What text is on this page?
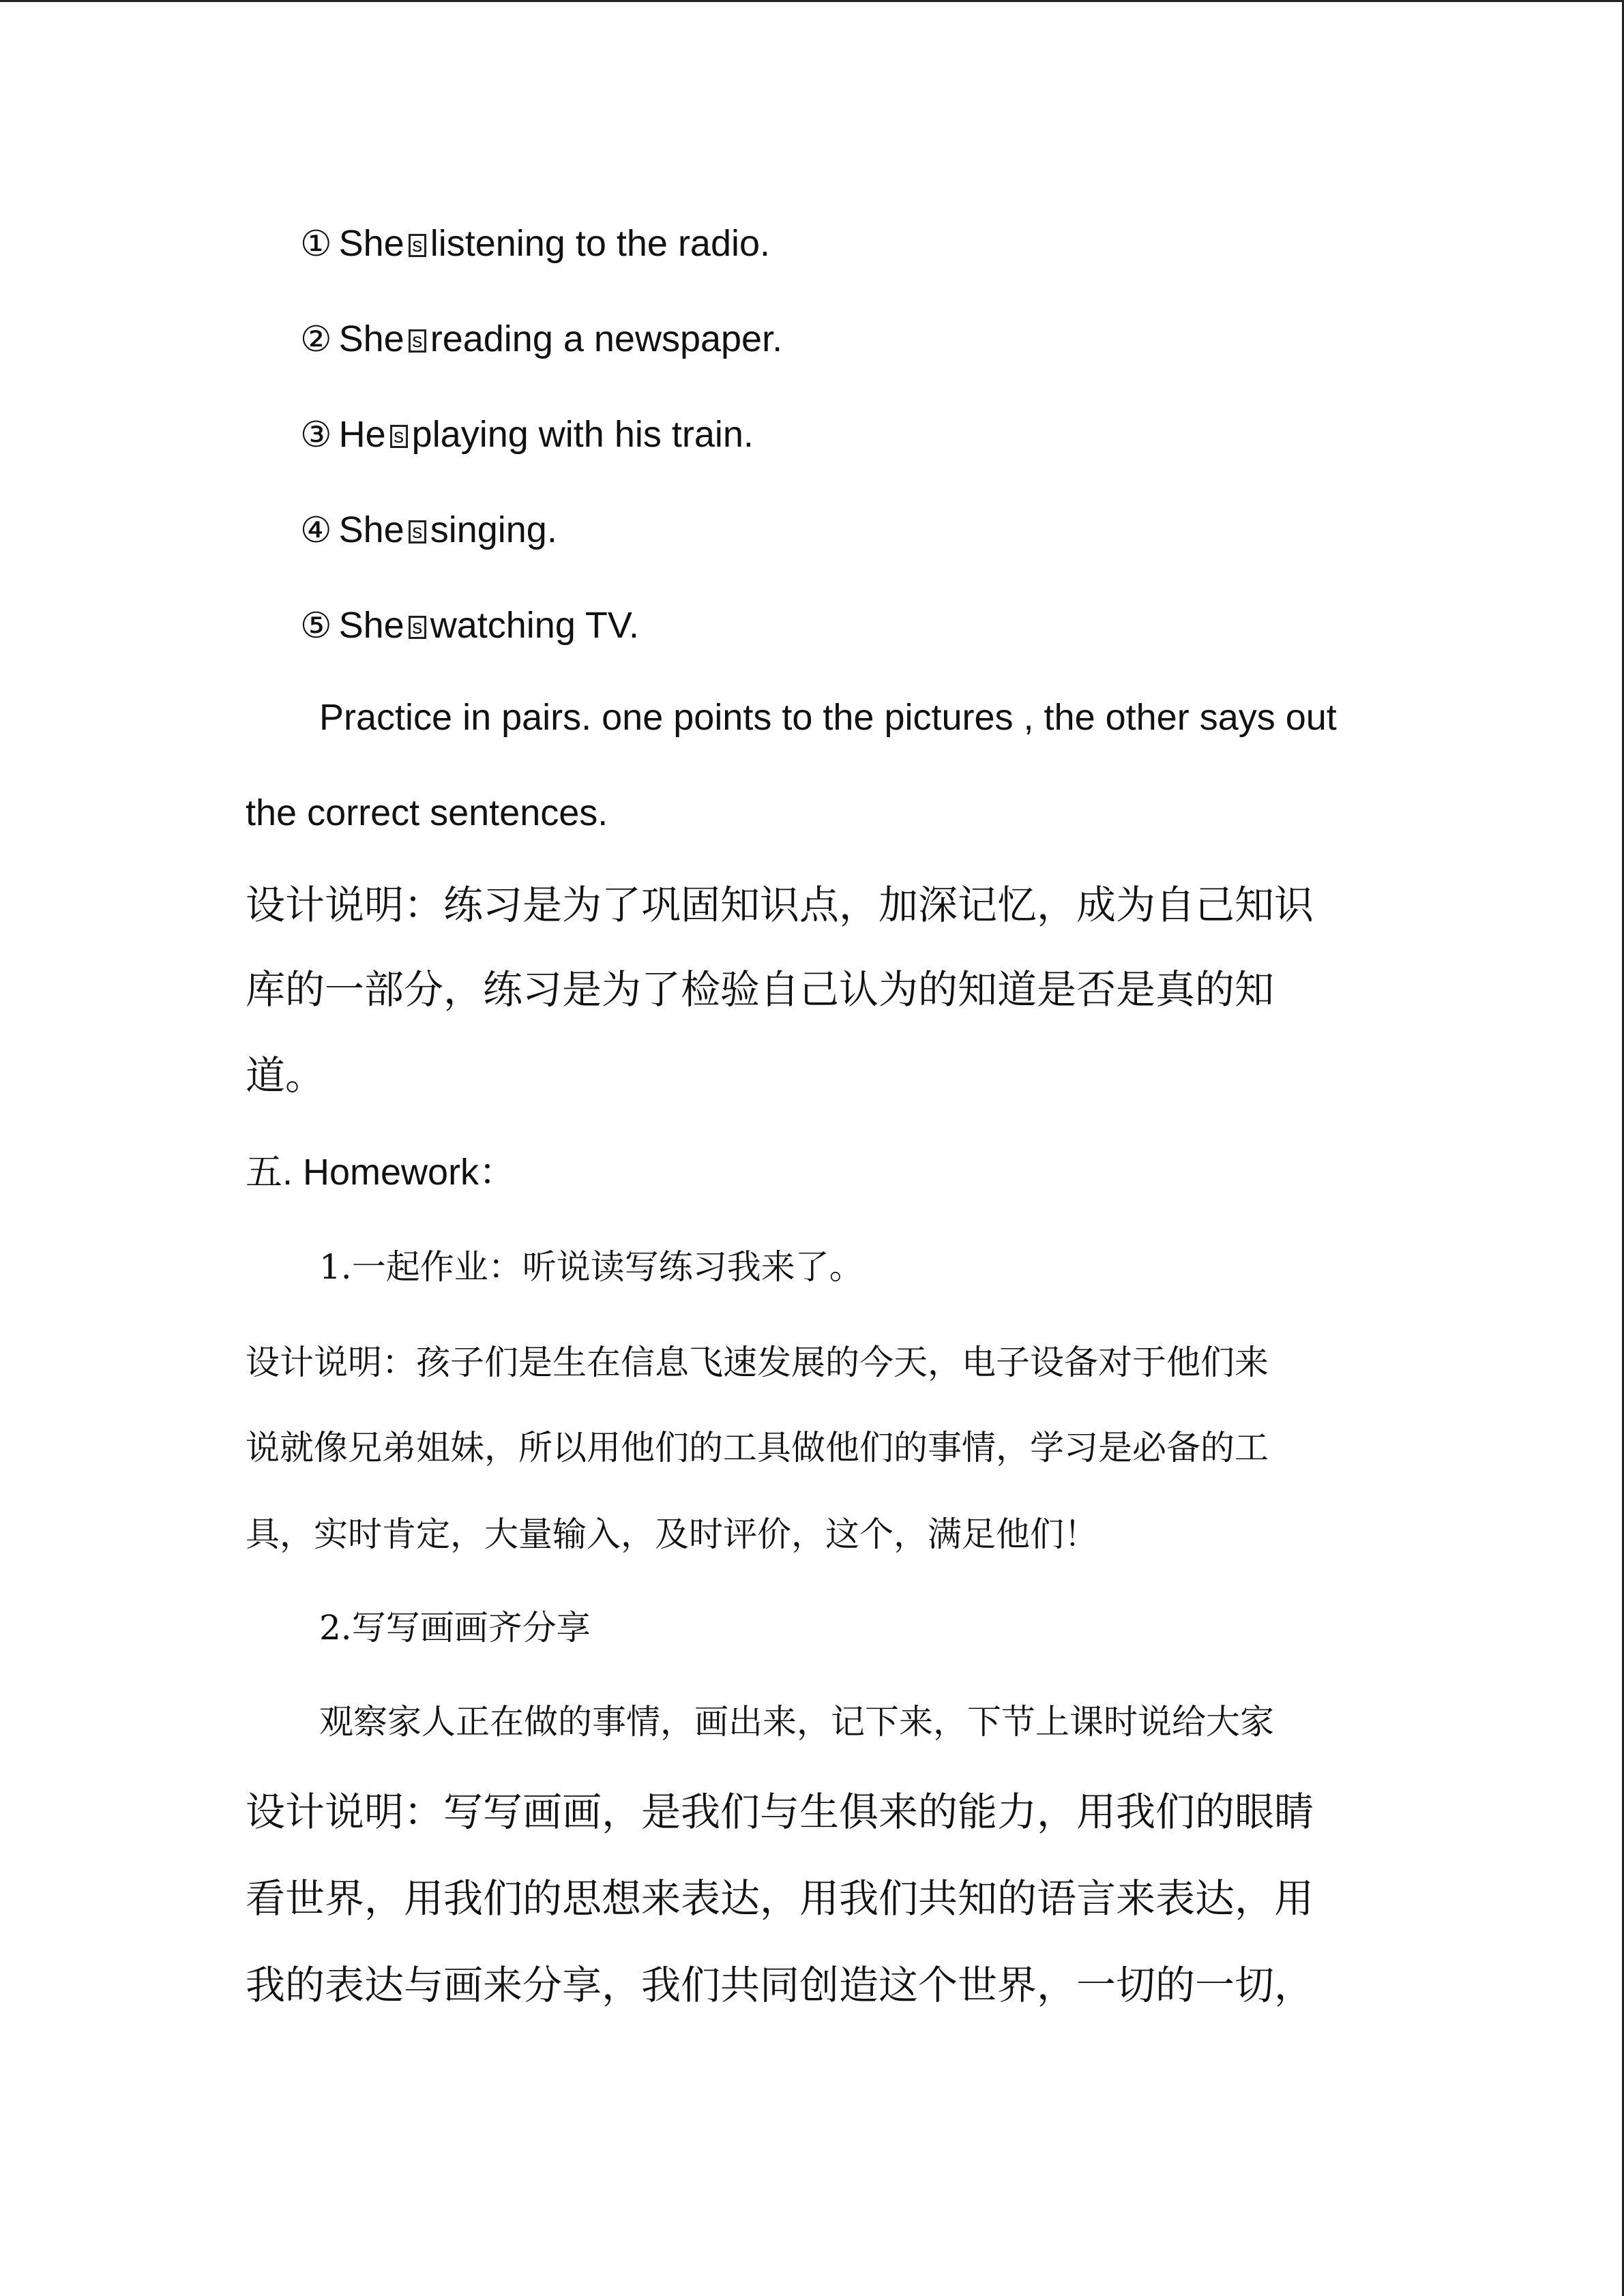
① She s listening to the radio.
② She s reading a newspaper.
③ He s playing with his train.
④ She s singing.
⑤ She s watching TV.
Practice in pairs. one points to the pictures , the other says out
the correct sentences.
设计说明：练习是为了巩固知识点，加深记忆，成为自己知识
库的一部分，练习是为了检验自己认为的知道是否是真的知
道。
五. Homework：
1.一起作业：听说读写练习我来了。
设计说明：孩子们是生在信息飞速发展的今天，电子设备对于他们来
说就像兄弟姐妹，所以用他们的工具做他们的事情，学习是必备的工
具，实时肯定，大量输入，及时评价，这个，满足他们！
2.写写画画齐分享
观察家人正在做的事情，画出来，记下来，下节上课时说给大家
设计说明：写写画画，是我们与生俱来的能力，用我们的眼睛
看世界，用我们的思想来表达，用我们共知的语言来表达，用
我的表达与画来分享，我们共同创造这个世界，一切的一切，
